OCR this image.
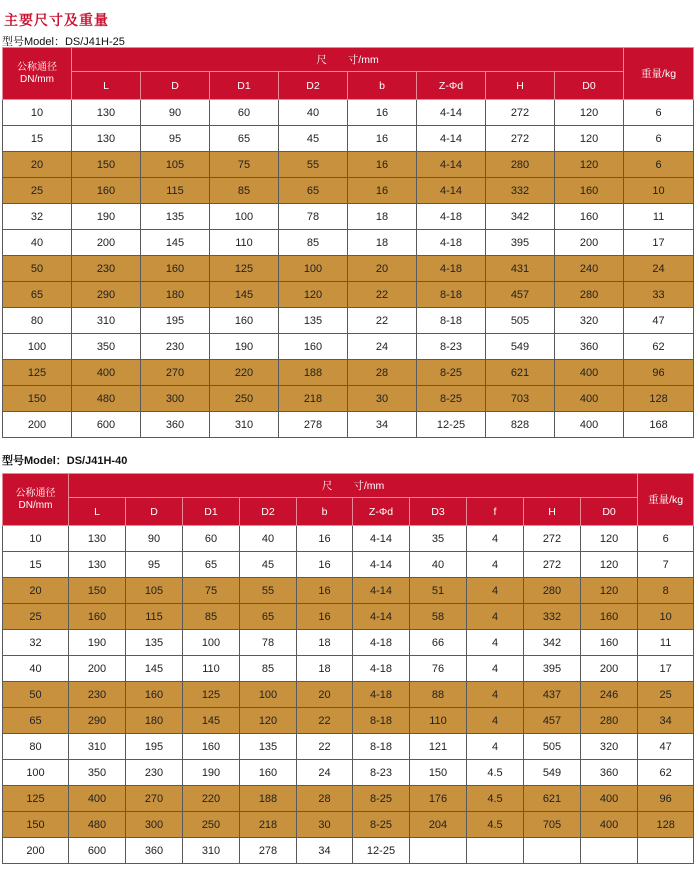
主要尺寸及重量
型号Model：DS/J41H-25
公称通径DN/mm	尺　　寸/mm								重量/kg
	L	D	D1	D2	b	Z-Φd	H	D0	
10	130	90	60	40	16	4-14	272	120	6
15	130	95	65	45	16	4-14	272	120	6
20	150	105	75	55	16	4-14	280	120	6
25	160	115	85	65	16	4-14	332	160	10
32	190	135	100	78	18	4-18	342	160	11
40	200	145	110	85	18	4-18	395	200	17
50	230	160	125	100	20	4-18	431	240	24
65	290	180	145	120	22	8-18	457	280	33
80	310	195	160	135	22	8-18	505	320	47
100	350	230	190	160	24	8-23	549	360	62
125	400	270	220	188	28	8-25	621	400	96
150	480	300	250	218	30	8-25	703	400	128
200	600	360	310	278	34	12-25	828	400	168
型号Model：DS/J41H-40
公称通径DN/mm	尺　　寸/mm										重量/kg
	L	D	D1	D2	b	Z-Φd	D3	f	H	D0	
10	130	90	60	40	16	4-14	35	4	272	120	6
15	130	95	65	45	16	4-14	40	4	272	120	7
20	150	105	75	55	16	4-14	51	4	280	120	8
25	160	115	85	65	16	4-14	58	4	332	160	10
32	190	135	100	78	18	4-18	66	4	342	160	11
40	200	145	110	85	18	4-18	76	4	395	200	17
50	230	160	125	100	20	4-18	88	4	437	246	25
65	290	180	145	120	22	8-18	110	4	457	280	34
80	310	195	160	135	22	8-18	121	4	505	320	47
100	350	230	190	160	24	8-23	150	4.5	549	360	62
125	400	270	220	188	28	8-25	176	4.5	621	400	96
150	480	300	250	218	30	8-25	204	4.5	705	400	128
200	600	360	310	278	34	12-25					
